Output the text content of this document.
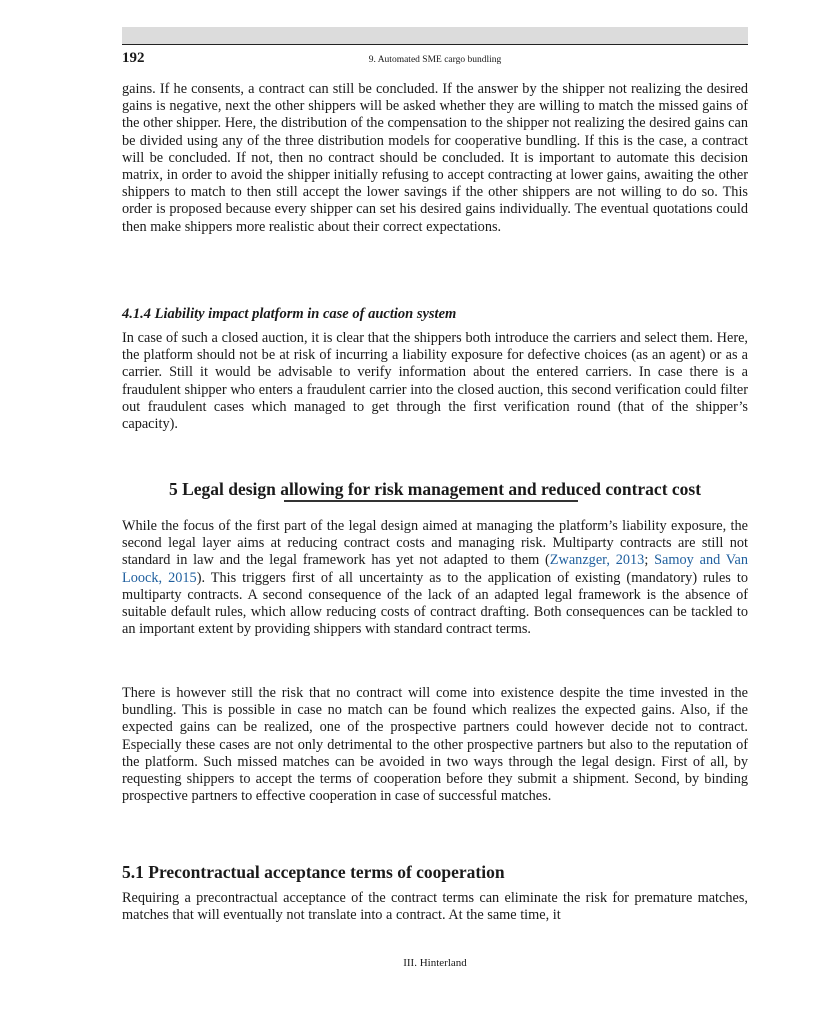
192	9. Automated SME cargo bundling

gains. If he consents, a contract can still be concluded. If the answer by the shipper not realizing the desired gains is negative, next the other shippers will be asked whether they are willing to match the missed gains of the other shipper. Here, the distribution of the compensation to the shipper not realizing the desired gains can be divided using any of the three distribution models for cooperative bundling. If this is the case, a contract will be concluded. If not, then no contract should be concluded. It is important to automate this decision matrix, in order to avoid the shipper initially refusing to accept contracting at lower gains, awaiting the other shippers to match to then still accept the lower savings if the other shippers are not willing to do so. This order is proposed because every shipper can set his desired gains individually. The eventual quotations could then make shippers more realistic about their correct expectations.

4.1.4 Liability impact platform in case of auction system

In case of such a closed auction, it is clear that the shippers both introduce the carriers and select them. Here, the platform should not be at risk of incurring a liability exposure for defective choices (as an agent) or as a carrier. Still it would be advisable to verify information about the entered carriers. In case there is a fraudulent shipper who enters a fraudulent carrier into the closed auction, this second verification could filter out fraudulent cases which managed to get through the first verification round (that of the shipper’s capacity).

5 Legal design allowing for risk management and reduced contract cost

While the focus of the first part of the legal design aimed at managing the platform’s liability exposure, the second legal layer aims at reducing contract costs and managing risk. Multiparty contracts are still not standard in law and the legal framework has yet not adapted to them (Zwanzger, 2013; Samoy and Van Loock, 2015). This triggers first of all uncertainty as to the application of existing (mandatory) rules to multiparty contracts. A second consequence of the lack of an adapted legal framework is the absence of suitable default rules, which allow reducing costs of contract drafting. Both consequences can be tackled to an important extent by providing shippers with standard contract terms.

There is however still the risk that no contract will come into existence despite the time invested in the bundling. This is possible in case no match can be found which realizes the expected gains. Also, if the expected gains can be realized, one of the prospective partners could however decide not to contract. Especially these cases are not only detrimental to the other prospective partners but also to the reputation of the platform. Such missed matches can be avoided in two ways through the legal design. First of all, by requesting shippers to accept the terms of cooperation before they submit a shipment. Second, by binding prospective partners to effective cooperation in case of successful matches.

5.1 Precontractual acceptance terms of cooperation

Requiring a precontractual acceptance of the contract terms can eliminate the risk for premature matches, matches that will eventually not translate into a contract. At the same time, it

III. Hinterland
